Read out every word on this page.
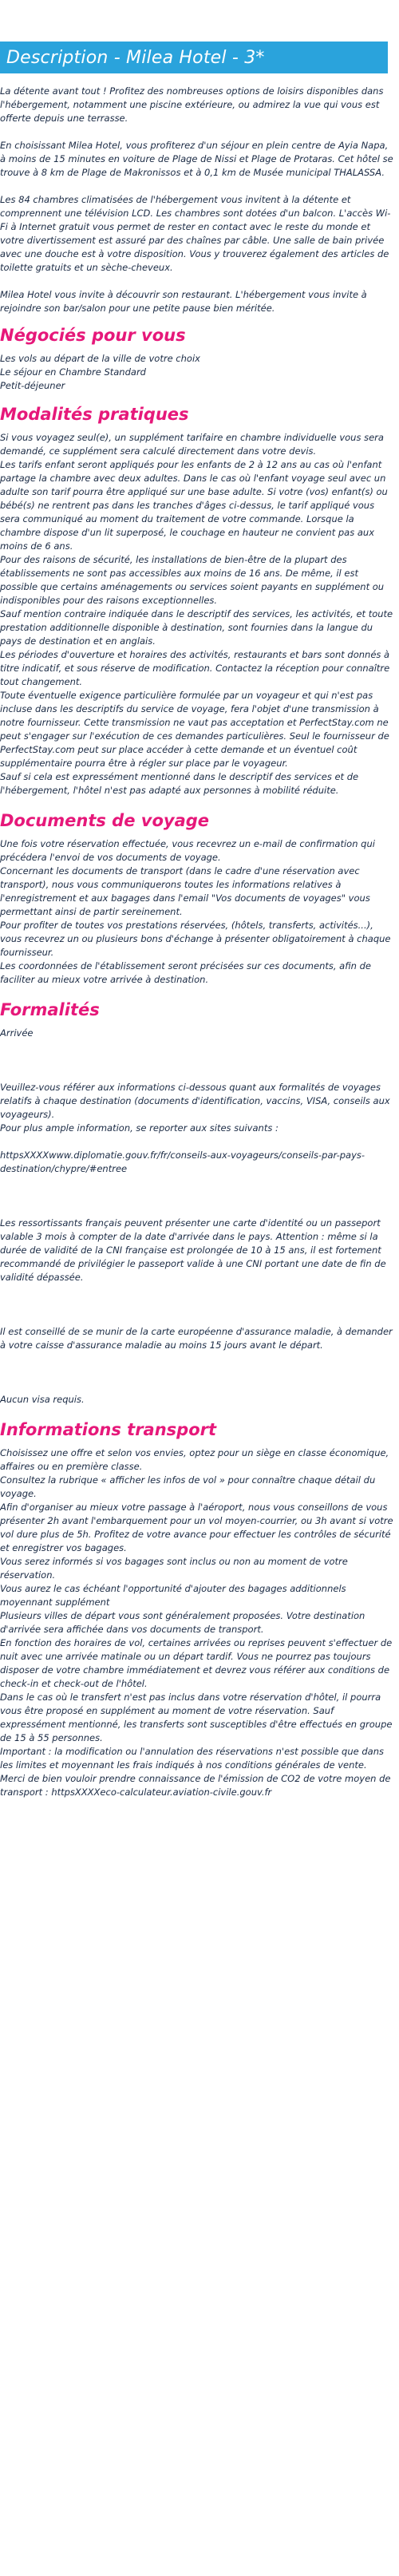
Description - Milea Hotel - 3*
La détente avant tout ! Profitez des nombreuses options de loisirs disponibles dans l'hébergement, notamment une piscine extérieure, ou admirez la vue qui vous est offerte depuis une terrasse.
En choisissant Milea Hotel, vous profiterez d'un séjour en plein centre de Ayia Napa, à moins de 15 minutes en voiture de Plage de Nissi et Plage de Protaras. Cet hôtel se trouve à 8 km de Plage de Makronissos et à 0,1 km de Musée municipal THALASSA.
Les 84 chambres climatisées de l'hébergement vous invitent à la détente et comprennent une télévision LCD. Les chambres sont dotées d'un balcon. L'accès Wi-Fi à Internet gratuit vous permet de rester en contact avec le reste du monde et votre divertissement est assuré par des chaînes par câble. Une salle de bain privée avec une douche est à votre disposition. Vous y trouverez également des articles de toilette gratuits et un sèche-cheveux.
Milea Hotel vous invite à découvrir son restaurant. L'hébergement vous invite à rejoindre son bar/salon pour une petite pause bien méritée.
Négociés pour vous
Les vols au départ de la ville de votre choix
Le séjour en Chambre Standard
Petit-déjeuner
Modalités pratiques
Si vous voyagez seul(e), un supplément tarifaire en chambre individuelle vous sera demandé, ce supplément sera calculé directement dans votre devis.
Les tarifs enfant seront appliqués pour les enfants de 2 à 12 ans au cas où l'enfant partage la chambre avec deux adultes. Dans le cas où l'enfant voyage seul avec un adulte son tarif pourra être appliqué sur une base adulte. Si votre (vos) enfant(s) ou bébé(s) ne rentrent pas dans les tranches d'âges ci-dessus, le tarif appliqué vous sera communiqué au moment du traitement de votre commande. Lorsque la chambre dispose d'un lit superposé, le couchage en hauteur ne convient pas aux moins de 6 ans.
Pour des raisons de sécurité, les installations de bien-être de la plupart des établissements ne sont pas accessibles aux moins de 16 ans. De même, il est possible que certains aménagements ou services soient payants en supplément ou indisponibles pour des raisons exceptionnelles.
Sauf mention contraire indiquée dans le descriptif des services, les activités, et toute prestation additionnelle disponible à destination, sont fournies dans la langue du pays de destination et en anglais.
Les périodes d'ouverture et horaires des activités, restaurants et bars sont donnés à titre indicatif, et sous réserve de modification. Contactez la réception pour connaître tout changement.
Toute éventuelle exigence particulière formulée par un voyageur et qui n'est pas incluse dans les descriptifs du service de voyage, fera l'objet d'une transmission à notre fournisseur. Cette transmission ne vaut pas acceptation et PerfectStay.com ne peut s'engager sur l'exécution de ces demandes particulières. Seul le fournisseur de PerfectStay.com peut sur place accéder à cette demande et un éventuel coût supplémentaire pourra être à régler sur place par le voyageur.
Sauf si cela est expressément mentionné dans le descriptif des services et de l'hébergement, l'hôtel n'est pas adapté aux personnes à mobilité réduite.
Documents de voyage
Une fois votre réservation effectuée, vous recevrez un e-mail de confirmation qui précédera l'envoi de vos documents de voyage.
Concernant les documents de transport (dans le cadre d'une réservation avec transport), nous vous communiquerons toutes les informations relatives à l'enregistrement et aux bagages dans l'email "Vos documents de voyages" vous permettant ainsi de partir sereinement.
Pour profiter de toutes vos prestations réservées, (hôtels, transferts, activités...), vous recevrez un ou plusieurs bons d'échange à présenter obligatoirement à chaque fournisseur.
Les coordonnées de l'établissement seront précisées sur ces documents, afin de faciliter au mieux votre arrivée à destination.
Formalités
Arrivée

Veuillez-vous référer aux informations ci-dessous quant aux formalités de voyages relatifs à chaque destination (documents d'identification, vaccins, VISA, conseils aux voyageurs).
Pour plus ample information, se reporter aux sites suivants :

httpsXXXXwww.diplomatie.gouv.fr/fr/conseils-aux-voyageurs/conseils-par-pays-destination/chypre/#entree

Les ressortissants français peuvent présenter une carte d'identité ou un passeport valable 3 mois à compter de la date d'arrivée dans le pays. Attention : même si la durée de validité de la CNI française est prolongée de 10 à 15 ans, il est fortement recommandé de privilégier le passeport valide à une CNI portant une date de fin de validité dépassée.

Il est conseillé de se munir de la carte européenne d'assurance maladie, à demander à votre caisse d'assurance maladie au moins 15 jours avant le départ.

Aucun visa requis.
Informations transport
Choisissez une offre et selon vos envies, optez pour un siège en classe économique, affaires ou en première classe.
Consultez la rubrique « afficher les infos de vol » pour connaître chaque détail du voyage.
Afin d'organiser au mieux votre passage à l'aéroport, nous vous conseillons de vous présenter 2h avant l'embarquement pour un vol moyen-courrier, ou 3h avant si votre vol dure plus de 5h. Profitez de votre avance pour effectuer les contrôles de sécurité et enregistrer vos bagages.
Vous serez informés si vos bagages sont inclus ou non au moment de votre réservation.
Vous aurez le cas échéant l'opportunité d'ajouter des bagages additionnels moyennant supplément
Plusieurs villes de départ vous sont généralement proposées. Votre destination d'arrivée sera affichée dans vos documents de transport.
En fonction des horaires de vol, certaines arrivées ou reprises peuvent s'effectuer de nuit avec une arrivée matinale ou un départ tardif. Vous ne pourrez pas toujours disposer de votre chambre immédiatement et devrez vous référer aux conditions de check-in et check-out de l'hôtel.
Dans le cas où le transfert n'est pas inclus dans votre réservation d'hôtel, il pourra vous être proposé en supplément au moment de votre réservation. Sauf expressément mentionné, les transferts sont susceptibles d'être effectués en groupe de 15 à 55 personnes.
Important : la modification ou l'annulation des réservations n'est possible que dans les limites et moyennant les frais indiqués à nos conditions générales de vente.
Merci de bien vouloir prendre connaissance de l'émission de CO2 de votre moyen de transport : httpsXXXXeco-calculateur.aviation-civile.gouv.fr
